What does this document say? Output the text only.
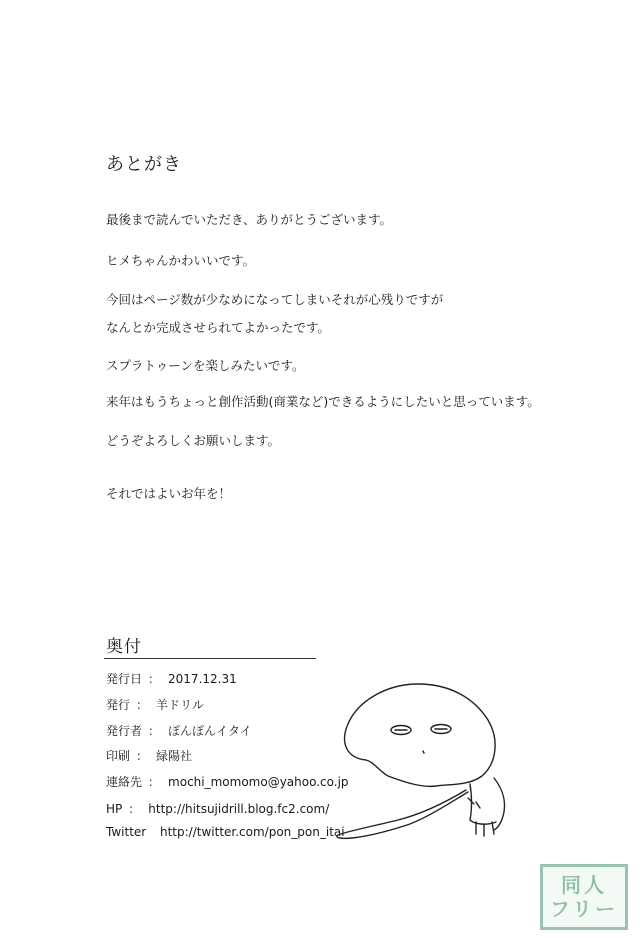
あとがき
最後まで読んでいただき、ありがとうございます。
ヒメちゃんかわいいです。
今回はページ数が少なめになってしまいそれが心残りですが
なんとか完成させられてよかったです。
スプラトゥーンを楽しみたいです。
来年はもうちょっと創作活動(商業など)できるようにしたいと思っています。
どうぞよろしくお願いします。
それではよいお年を！
奥付
発行日 ： 2017.12.31
発行 ： 羊ドリル
発行者 ： ぽんぽんイタイ
印刷 ： 緑陽社
連絡先 ： mochi_momomo@yahoo.co.jp
HP ： http://hitsujidrill.blog.fc2.com/
Twitter http://twitter.com/pon_pon_itai
同人
フリー
